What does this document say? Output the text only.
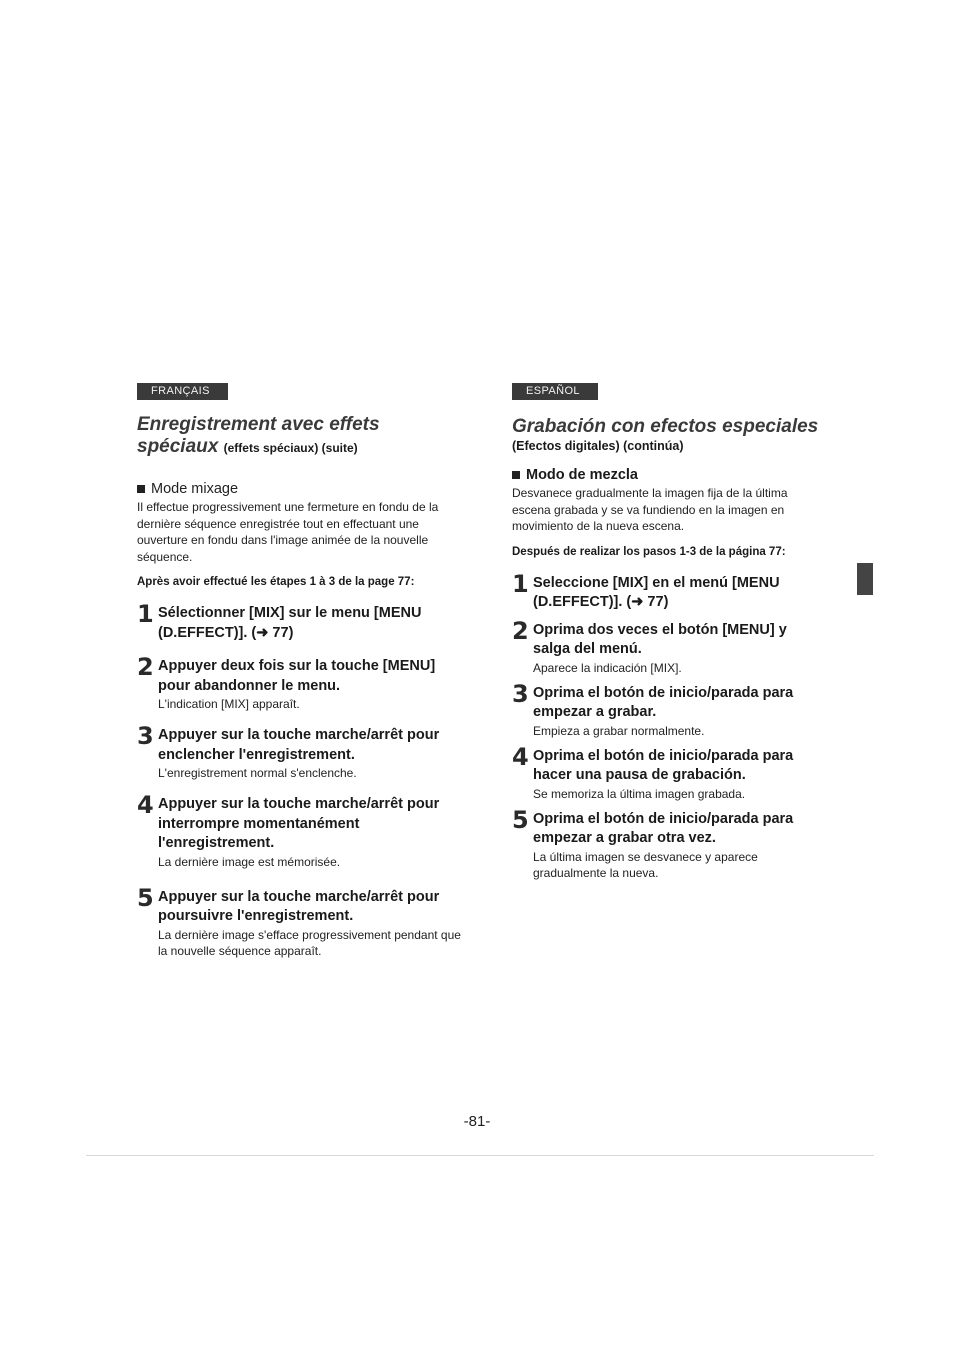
FRANÇAIS
Enregistrement avec effets
spéciaux (effets spéciaux) (suite)
Mode mixage
Il effectue progressivement une fermeture en fondu de la dernière séquence enregistrée tout en effectuant une ouverture en fondu dans l'image animée de la nouvelle séquence.
Après avoir effectué les étapes 1 à 3 de la page 77:
1 Sélectionner [MIX] sur le menu [MENU (D.EFFECT)]. (➜ 77)
2 Appuyer deux fois sur la touche [MENU] pour abandonner le menu.
L'indication [MIX] apparaît.
3 Appuyer sur la touche marche/arrêt pour enclencher l'enregistrement.
L'enregistrement normal s'enclenche.
4 Appuyer sur la touche marche/arrêt pour interrompre momentanément l'enregistrement.
La dernière image est mémorisée.
5 Appuyer sur la touche marche/arrêt pour poursuivre l'enregistrement.
La dernière image s'efface progressivement pendant que la nouvelle séquence apparaît.
ESPAÑOL
Grabación con efectos especiales
(Efectos digitales) (continúa)
Modo de mezcla
Desvanece gradualmente la imagen fija de la última escena grabada y se va fundiendo en la imagen en movimiento de la nueva escena.
Después de realizar los pasos 1-3 de la página 77:
1 Seleccione [MIX] en el menú [MENU (D.EFFECT)]. (➜ 77)
2 Oprima dos veces el botón [MENU] y salga del menú.
Aparece la indicación [MIX].
3 Oprima el botón de inicio/parada para empezar a grabar.
Empieza a grabar normalmente.
4 Oprima el botón de inicio/parada para hacer una pausa de grabación.
Se memoriza la última imagen grabada.
5 Oprima el botón de inicio/parada para empezar a grabar otra vez.
La última imagen se desvanece y aparece gradualmente la nueva.
-81-
